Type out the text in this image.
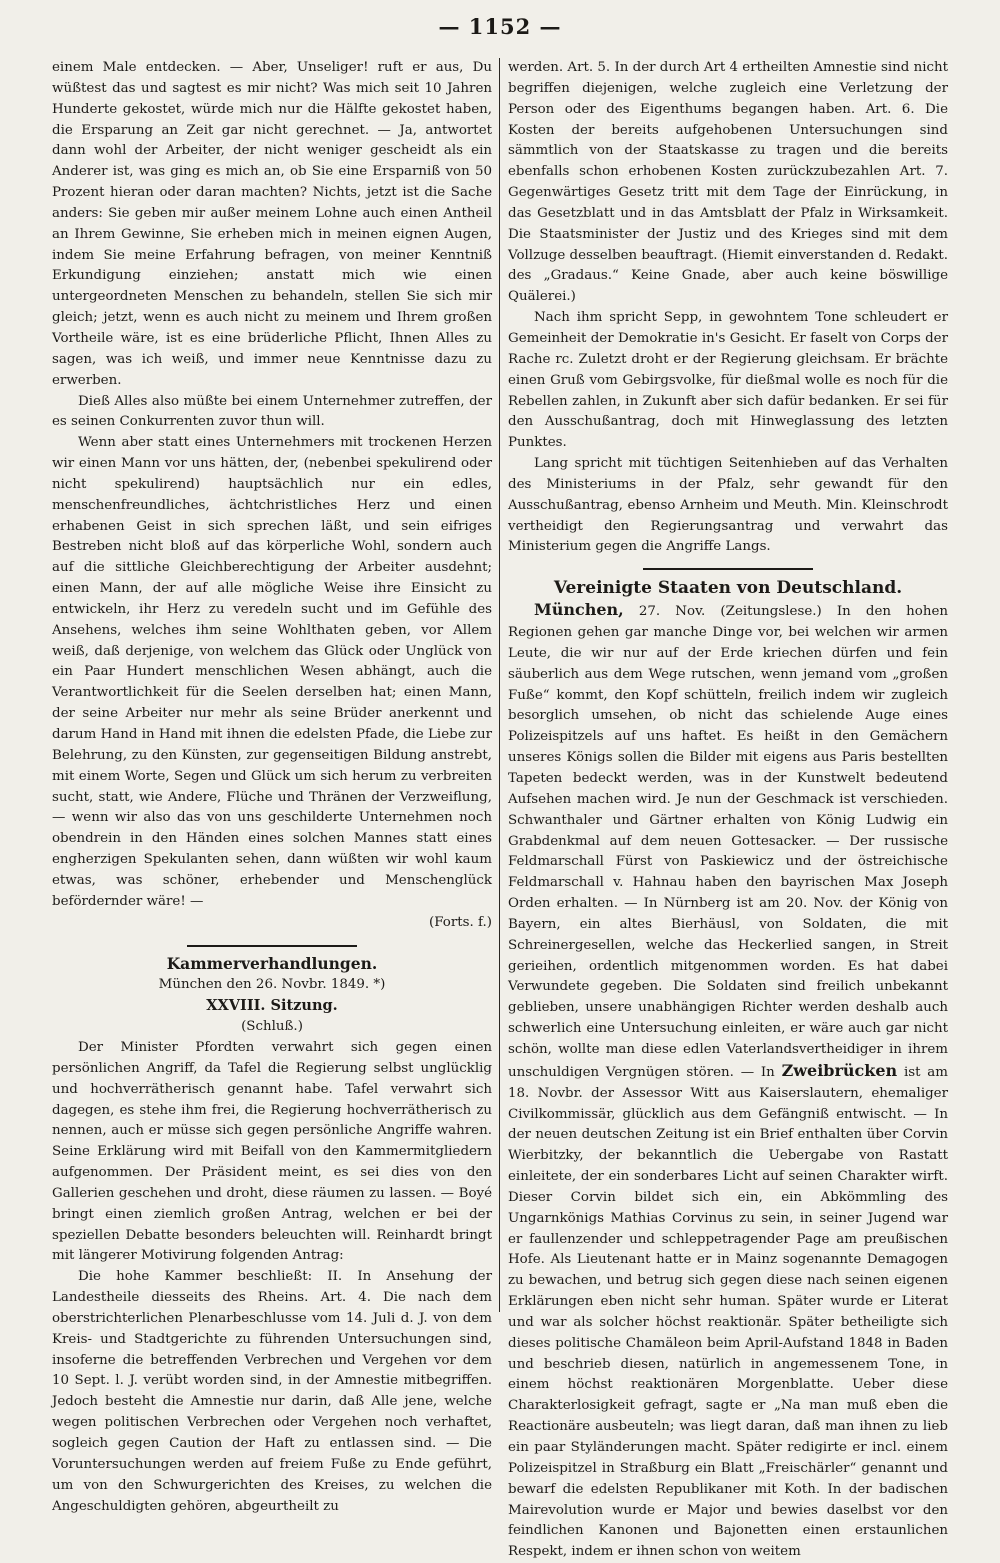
— 1152 —

einem Male entdecken. — Aber, Unseliger! ruft er aus, Du wüßtest das und sagtest es mir nicht? Was mich seit 10 Jahren Hunderte gekostet, würde mich nur die Hälfte gekostet haben, die Ersparung an Zeit gar nicht gerechnet. — Ja, antwortet dann wohl der Arbeiter, der nicht weniger gescheidt als ein Anderer ist, was ging es mich an, ob Sie eine Ersparniß von 50 Prozent hieran oder daran machten? Nichts, jetzt ist die Sache anders: Sie geben mir außer meinem Lohne auch einen Antheil an Ihrem Gewinne, Sie erheben mich in meinen eignen Augen, indem Sie meine Erfahrung befragen, von meiner Kenntniß Erkundigung einziehen; anstatt mich wie einen untergeordneten Menschen zu behandeln, stellen Sie sich mir gleich; jetzt, wenn es auch nicht zu meinem und Ihrem großen Vortheile wäre, ist es eine brüderliche Pflicht, Ihnen Alles zu sagen, was ich weiß, und immer neue Kenntnisse dazu zu erwerben.

Dieß Alles also müßte bei einem Unternehmer zutreffen, der es seinen Conkurrenten zuvor thun will.

Wenn aber statt eines Unternehmers mit trockenen Herzen wir einen Mann vor uns hätten, der, (nebenbei spekulirend oder nicht spekulirend) hauptsächlich nur ein edles, menschenfreundliches, ächtchristliches Herz und einen erhabenen Geist in sich sprechen läßt, und sein eifriges Bestreben nicht bloß auf das körperliche Wohl, sondern auch auf die sittliche Gleichberechtigung der Arbeiter ausdehnt; einen Mann, der auf alle mögliche Weise ihre Einsicht zu entwickeln, ihr Herz zu veredeln sucht und im Gefühle des Ansehens, welches ihm seine Wohlthaten geben, vor Allem weiß, daß derjenige, von welchem das Glück oder Unglück von ein Paar Hundert menschlichen Wesen abhängt, auch die Verantwortlichkeit für die Seelen derselben hat; einen Mann, der seine Arbeiter nur mehr als seine Brüder anerkennt und darum Hand in Hand mit ihnen die edelsten Pfade, die Liebe zur Belehrung, zu den Künsten, zur gegenseitigen Bildung anstrebt, mit einem Worte, Segen und Glück um sich herum zu verbreiten sucht, statt, wie Andere, Flüche und Thränen der Verzweiflung, — wenn wir also das von uns geschilderte Unternehmen noch obendrein in den Händen eines solchen Mannes statt eines engherzigen Spekulanten sehen, dann wüßten wir wohl kaum etwas, was schöner, erhebender und Menschenglück befördernder wäre! —

(Forts. f.)

Kammerverhandlungen.

München den 26. Novbr. 1849. *)

XXVIII. Sitzung.

(Schluß.)

Der Minister Pfordten verwahrt sich gegen einen persönlichen Angriff, da Tafel die Regierung selbst unglücklig und hochverrätherisch genannt habe. Tafel verwahrt sich dagegen, es stehe ihm frei, die Regierung hochverrätherisch zu nennen, auch er müsse sich gegen persönliche Angriffe wahren. Seine Erklärung wird mit Beifall von den Kammermitgliedern aufgenommen. Der Präsident meint, es sei dies von den Gallerien geschehen und droht, diese räumen zu lassen. — Boyé bringt einen ziemlich großen Antrag, welchen er bei der speziellen Debatte besonders beleuchten will. Reinhardt bringt mit längerer Motivirung folgenden Antrag:

Die hohe Kammer beschließt: II. In Ansehung der Landestheile diesseits des Rheins. Art. 4. Die nach dem oberstrichterlichen Plenarbeschlusse vom 14. Juli d. J. von dem Kreis- und Stadtgerichte zu führenden Untersuchungen sind, insoferne die betreffenden Verbrechen und Vergehen vor dem 10 Sept. l. J. verübt worden sind, in der Amnestie mitbegriffen. Jedoch besteht die Amnestie nur darin, daß Alle jene, welche wegen politischen Verbrechen oder Vergehen noch verhaftet, sogleich gegen Caution der Haft zu entlassen sind. — Die Voruntersuchungen werden auf freiem Fuße zu Ende geführt, um von den Schwurgerichten des Kreises, zu welchen die Angeschuldigten gehören, abgeurtheilt zu

werden. Art. 5. In der durch Art 4 ertheilten Amnestie sind nicht begriffen diejenigen, welche zugleich eine Verletzung der Person oder des Eigenthums begangen haben. Art. 6. Die Kosten der bereits aufgehobenen Untersuchungen sind sämmtlich von der Staatskasse zu tragen und die bereits ebenfalls schon erhobenen Kosten zurückzubezahlen Art. 7. Gegenwärtiges Gesetz tritt mit dem Tage der Einrückung, in das Gesetzblatt und in das Amtsblatt der Pfalz in Wirksamkeit. Die Staatsminister der Justiz und des Krieges sind mit dem Vollzuge desselben beauftragt. (Hiemit einverstanden d. Redakt. des „Gradaus.“ Keine Gnade, aber auch keine böswillige Quälerei.)

Nach ihm spricht Sepp, in gewohntem Tone schleudert er Gemeinheit der Demokratie in's Gesicht. Er faselt von Corps der Rache rc. Zuletzt droht er der Regierung gleichsam. Er brächte einen Gruß vom Gebirgsvolke, für dießmal wolle es noch für die Rebellen zahlen, in Zukunft aber sich dafür bedanken. Er sei für den Ausschußantrag, doch mit Hinweglassung des letzten Punktes.

Lang spricht mit tüchtigen Seitenhieben auf das Verhalten des Ministeriums in der Pfalz, sehr gewandt für den Ausschußantrag, ebenso Arnheim und Meuth. Min. Kleinschrodt vertheidigt den Regierungsantrag und verwahrt das Ministerium gegen die Angriffe Langs.

Vereinigte Staaten von Deutschland.

München, 27. Nov. (Zeitungslese.) In den hohen Regionen gehen gar manche Dinge vor, bei welchen wir armen Leute, die wir nur auf der Erde kriechen dürfen und fein säuberlich aus dem Wege rutschen, wenn jemand vom „großen Fuße“ kommt, den Kopf schütteln, freilich indem wir zugleich besorglich umsehen, ob nicht das schielende Auge eines Polizeispitzels auf uns haftet. Es heißt in den Gemächern unseres Königs sollen die Bilder mit eigens aus Paris bestellten Tapeten bedeckt werden, was in der Kunstwelt bedeutend Aufsehen machen wird. Je nun der Geschmack ist verschieden. Schwanthaler und Gärtner erhalten von König Ludwig ein Grabdenkmal auf dem neuen Gottesacker. — Der russische Feldmarschall Fürst von Paskiewicz und der östreichische Feldmarschall v. Hahnau haben den bayrischen Max Joseph Orden erhalten. — In Nürnberg ist am 20. Nov. der König von Bayern, ein altes Bierhäusl, von Soldaten, die mit Schreinergesellen, welche das Heckerlied sangen, in Streit gerieihen, ordentlich mitgenommen worden. Es hat dabei Verwundete gegeben. Die Soldaten sind freilich unbekannt geblieben, unsere unabhängigen Richter werden deshalb auch schwerlich eine Untersuchung einleiten, er wäre auch gar nicht schön, wollte man diese edlen Vaterlandsvertheidiger in ihrem unschuldigen Vergnügen stören. — In Zweibrücken ist am 18. Novbr. der Assessor Witt aus Kaiserslautern, ehemaliger Civilkommissär, glücklich aus dem Gefängniß entwischt. — In der neuen deutschen Zeitung ist ein Brief enthalten über Corvin Wierbitzky, der bekanntlich die Uebergabe von Rastatt einleitete, der ein sonderbares Licht auf seinen Charakter wirft. Dieser Corvin bildet sich ein, ein Abkömmling des Ungarnkönigs Mathias Corvinus zu sein, in seiner Jugend war er faullenzender und schleppetragender Page am preußischen Hofe. Als Lieutenant hatte er in Mainz sogenannte Demagogen zu bewachen, und betrug sich gegen diese nach seinen eigenen Erklärungen eben nicht sehr human. Später wurde er Literat und war als solcher höchst reaktionär. Später betheiligte sich dieses politische Chamäleon beim April-Aufstand 1848 in Baden und beschrieb diesen, natürlich in angemessenem Tone, in einem höchst reaktionären Morgenblatte. Ueber diese Charakterlosigkeit gefragt, sagte er „Na man muß eben die Reactionäre ausbeuteln; was liegt daran, daß man ihnen zu lieb ein paar Styländerungen macht. Später redigirte er incl. einem Polizeispitzel in Straßburg ein Blatt „Freischärler“ genannt und bewarf die edelsten Republikaner mit Koth. In der badischen Mairevolution wurde er Major und bewies daselbst vor den feindlichen Kanonen und Bajonetten einen erstaunlichen Respekt, indem er ihnen schon von weitem
